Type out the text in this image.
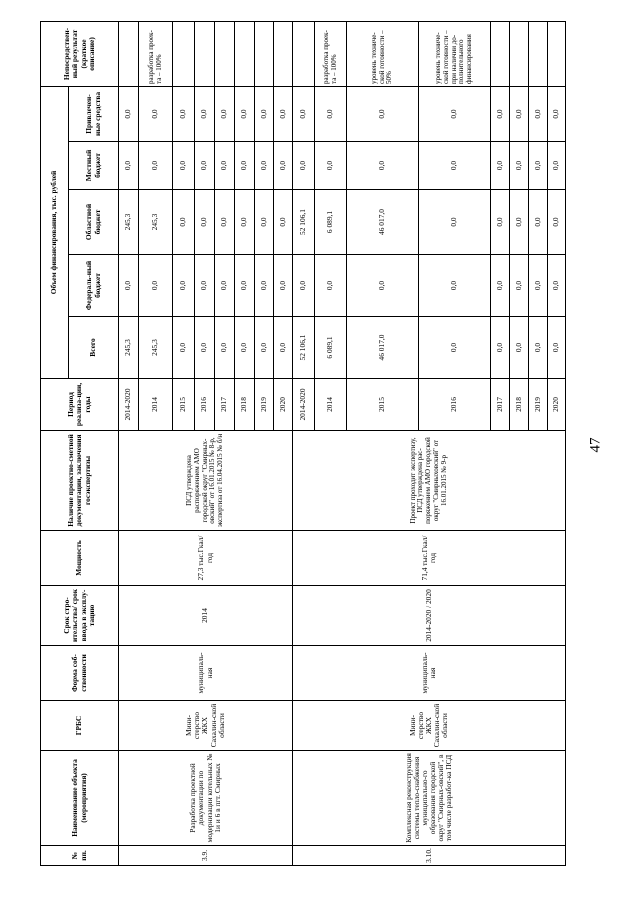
47
№ пп.	Наименование объекта (мероприятия)	ГРБС	Форма соб-ственности	Срок стро-ительства/ срок ввода в эксплу-тацию	Мощность	Наличие проектно-сметной документации, заключения госэкспертизы	Период реализа-ции, годы	Объем финансирования, тыс. рублей					Непосредствен-ный результат (краткое описание)
								Всего	Федераль-ный бюджет	Областной бюджет	Местный бюджет	Привлечен-ные средства	
3.9.	Разработка проектной документации по модернизации котельных № 1и и 6 в пгт. Смирных	Мини-стерство ЖКХ Сахалин-ской области	муниципаль-ная	2014	27,3 тыс.Гкал/год	ПСД утверждена распоряжением АМО городской округ "Смирных-овский" от 16.01.2015 № 8-р, экспертиза от 16.04.2015 № б/н	2014-2020	245,3	0,0	245,3	0,0	0,0	
							2014	245,3	0,0	245,3	0,0	0,0	разработка проек-та – 100%
							2015	0,0	0,0	0,0	0,0	0,0	
							2016	0,0	0,0	0,0	0,0	0,0	
							2017	0,0	0,0	0,0	0,0	0,0	
							2018	0,0	0,0	0,0	0,0	0,0	
							2019	0,0	0,0	0,0	0,0	0,0	
							2020	0,0	0,0	0,0	0,0	0,0	
3.10.	Комплексная реконструкция системы тепло-снабжения муниципально-го образования городской округ "Смирных-овский", в том числе разработ-ка ПСД	Мини-стерство ЖКХ Сахалин-ской области	муниципаль-ная	2014-2020 / 2020	71,4 тыс.Гкал/год	Проект проходит экспертизу, ПСД утверждена рас-поряжением АМО городской округ "Смирныховский" от 16.01.2015 № 9-р	2014-2020	52 106,1	0,0	52 106,1	0,0	0,0	
							2014	6 089,1	0,0	6 089,1	0,0	0,0	разработка проек-та – 100%
							2015	46 017,0	0,0	46 017,0	0,0	0,0	уровень техниче-ской готовности – 50%
							2016	0,0	0,0	0,0	0,0	0,0	уровень техниче-ской готовности – при наличии до-полнительного финансирования
							2017	0,0	0,0	0,0	0,0	0,0	
							2018	0,0	0,0	0,0	0,0	0,0	
							2019	0,0	0,0	0,0	0,0	0,0	
							2020	0,0	0,0	0,0	0,0	0,0	
